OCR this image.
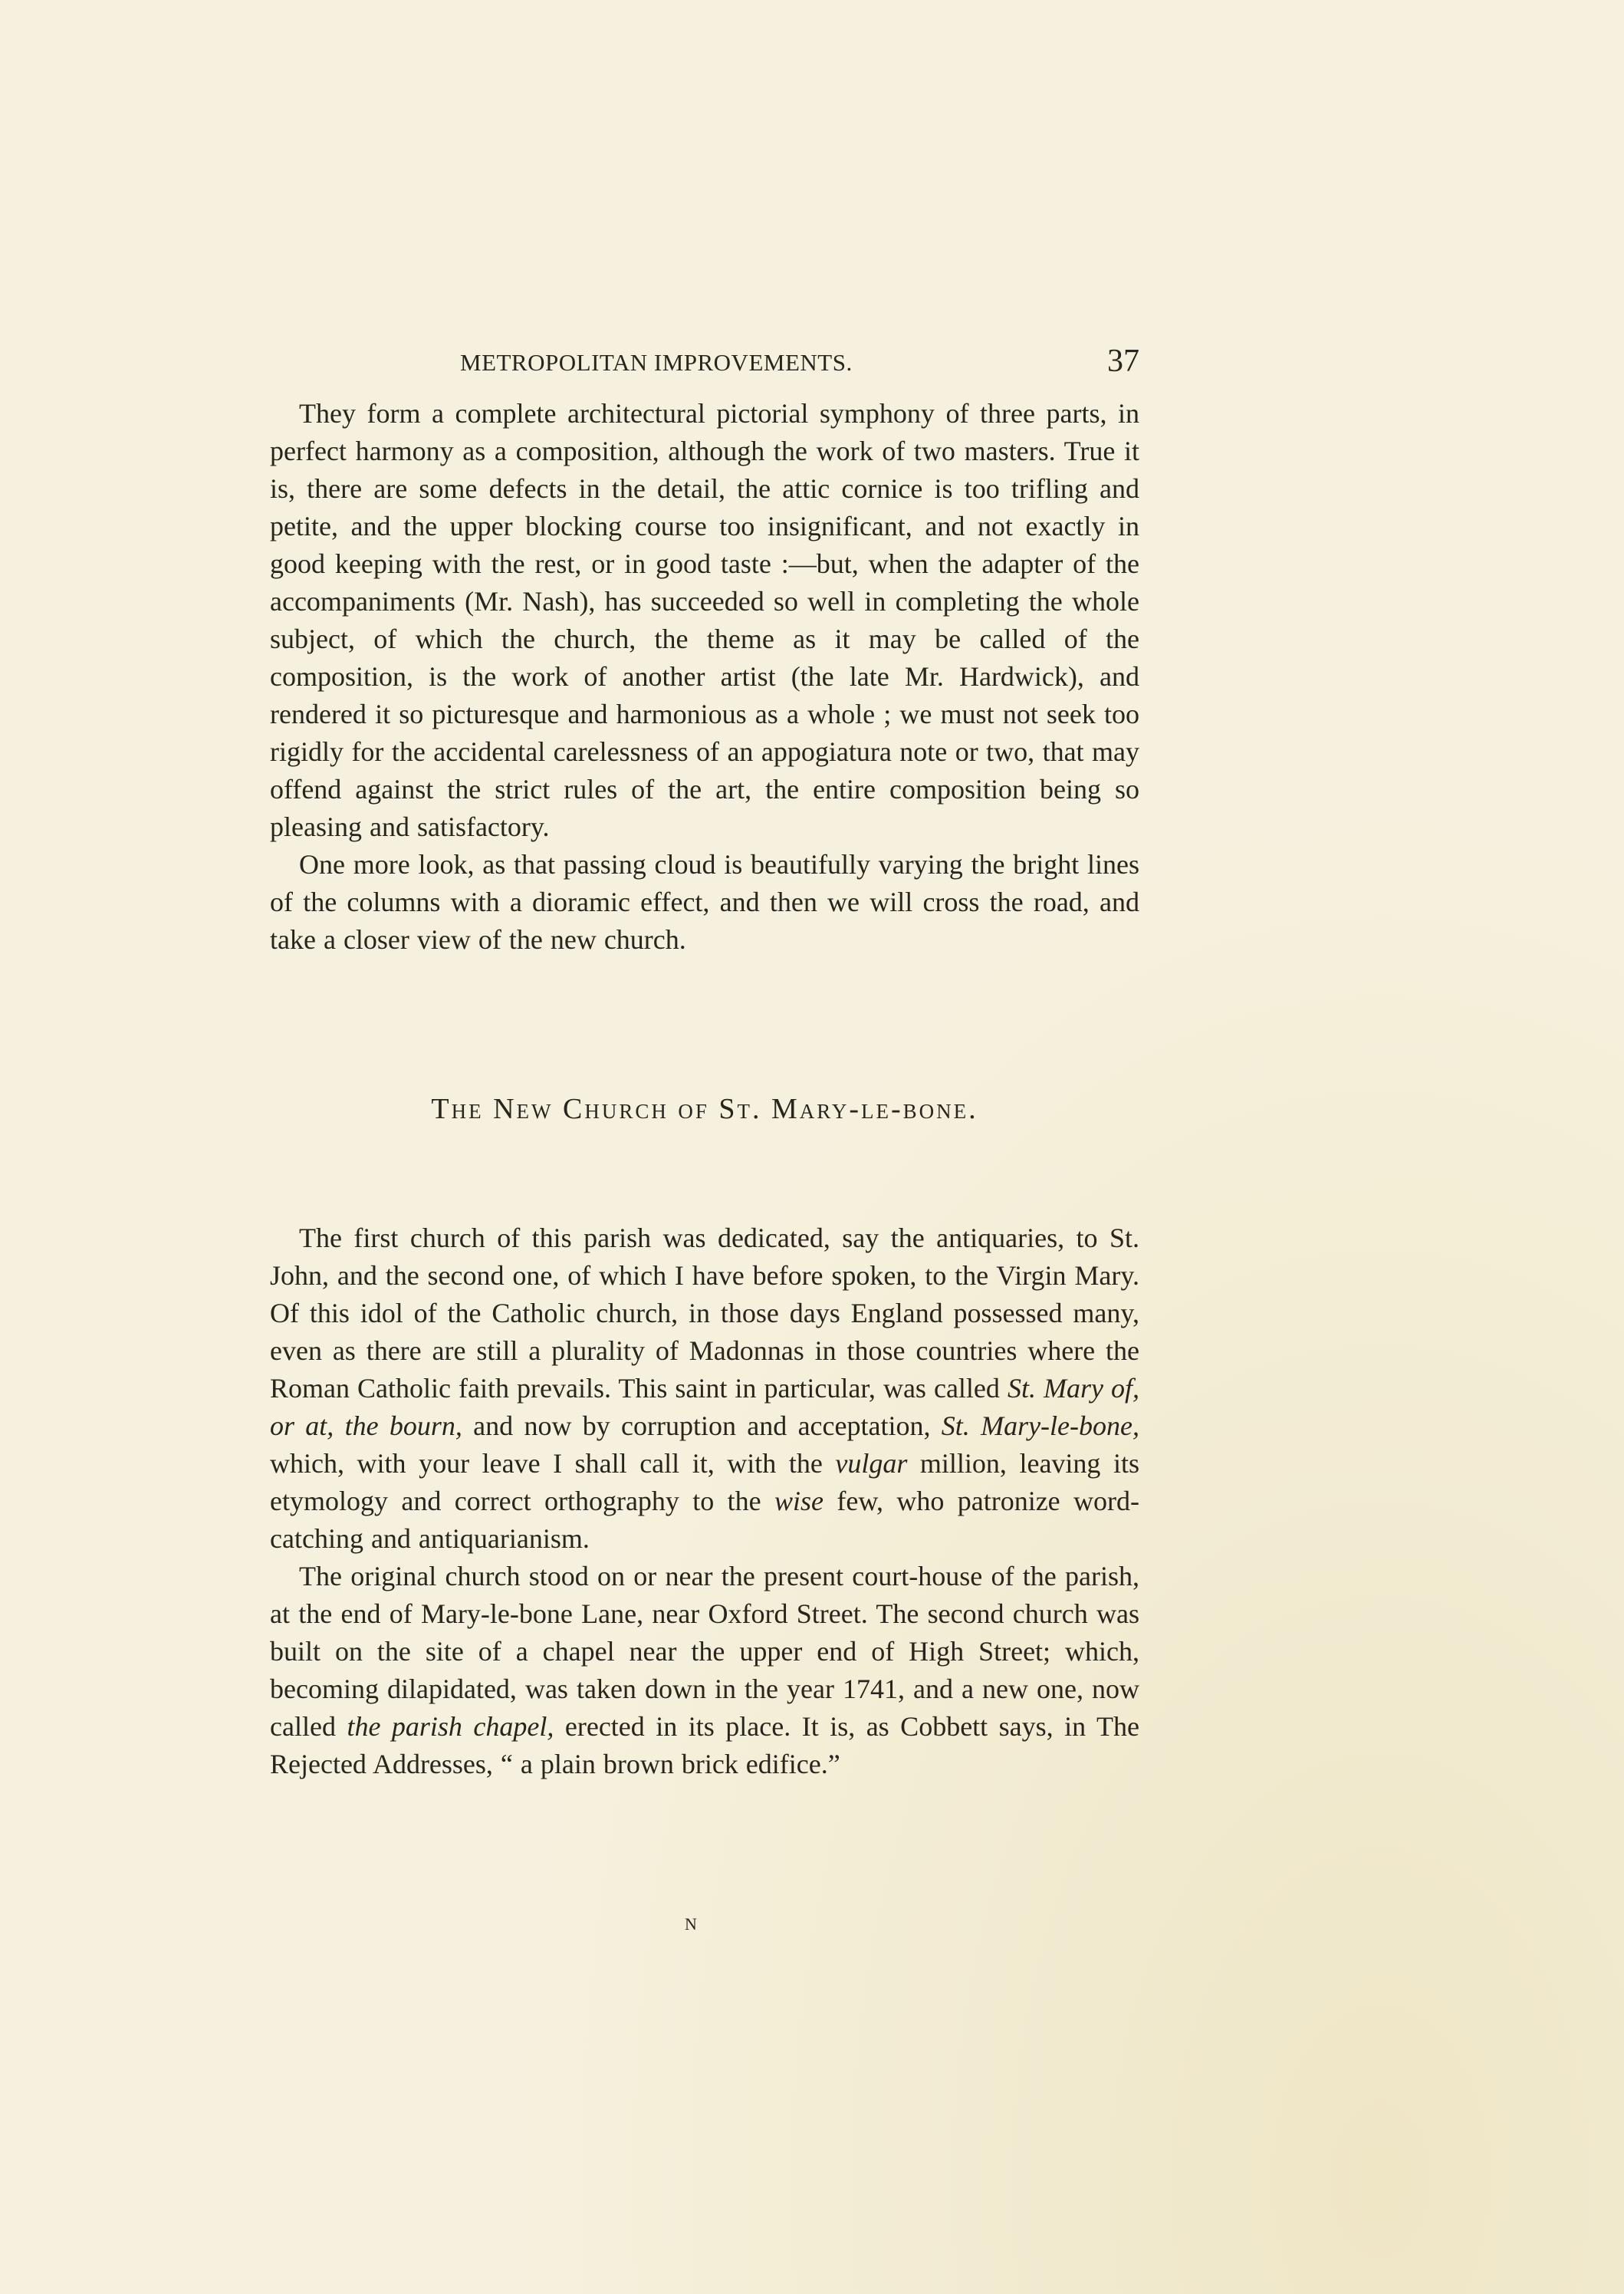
METROPOLITAN IMPROVEMENTS.	37

They form a complete architectural pictorial symphony of three parts, in perfect harmony as a composition, although the work of two masters. True it is, there are some defects in the detail, the attic cornice is too trifling and petite, and the upper blocking course too insignificant, and not exactly in good keeping with the rest, or in good taste :—but, when the adapter of the accompaniments (Mr. Nash), has succeeded so well in completing the whole subject, of which the church, the theme as it may be called of the composition, is the work of another artist (the late Mr. Hardwick), and rendered it so picturesque and harmonious as a whole ; we must not seek too rigidly for the accidental carelessness of an appogiatura note or two, that may offend against the strict rules of the art, the entire composition being so pleasing and satisfactory.

One more look, as that passing cloud is beautifully varying the bright lines of the columns with a dioramic effect, and then we will cross the road, and take a closer view of the new church.

The New Church of St. Mary-le-bone.

The first church of this parish was dedicated, say the antiquaries, to St. John, and the second one, of which I have before spoken, to the Virgin Mary. Of this idol of the Catholic church, in those days England possessed many, even as there are still a plurality of Madonnas in those countries where the Roman Catholic faith prevails. This saint in particular, was called St. Mary of, or at, the bourn, and now by corruption and acceptation, St. Mary-le-bone, which, with your leave I shall call it, with the vulgar million, leaving its etymology and correct orthography to the wise few, who patronize word-catching and antiquarianism.

The original church stood on or near the present court-house of the parish, at the end of Mary-le-bone Lane, near Oxford Street. The second church was built on the site of a chapel near the upper end of High Street; which, becoming dilapidated, was taken down in the year 1741, and a new one, now called the parish chapel, erected in its place. It is, as Cobbett says, in The Rejected Addresses, “ a plain brown brick edifice.”

N
